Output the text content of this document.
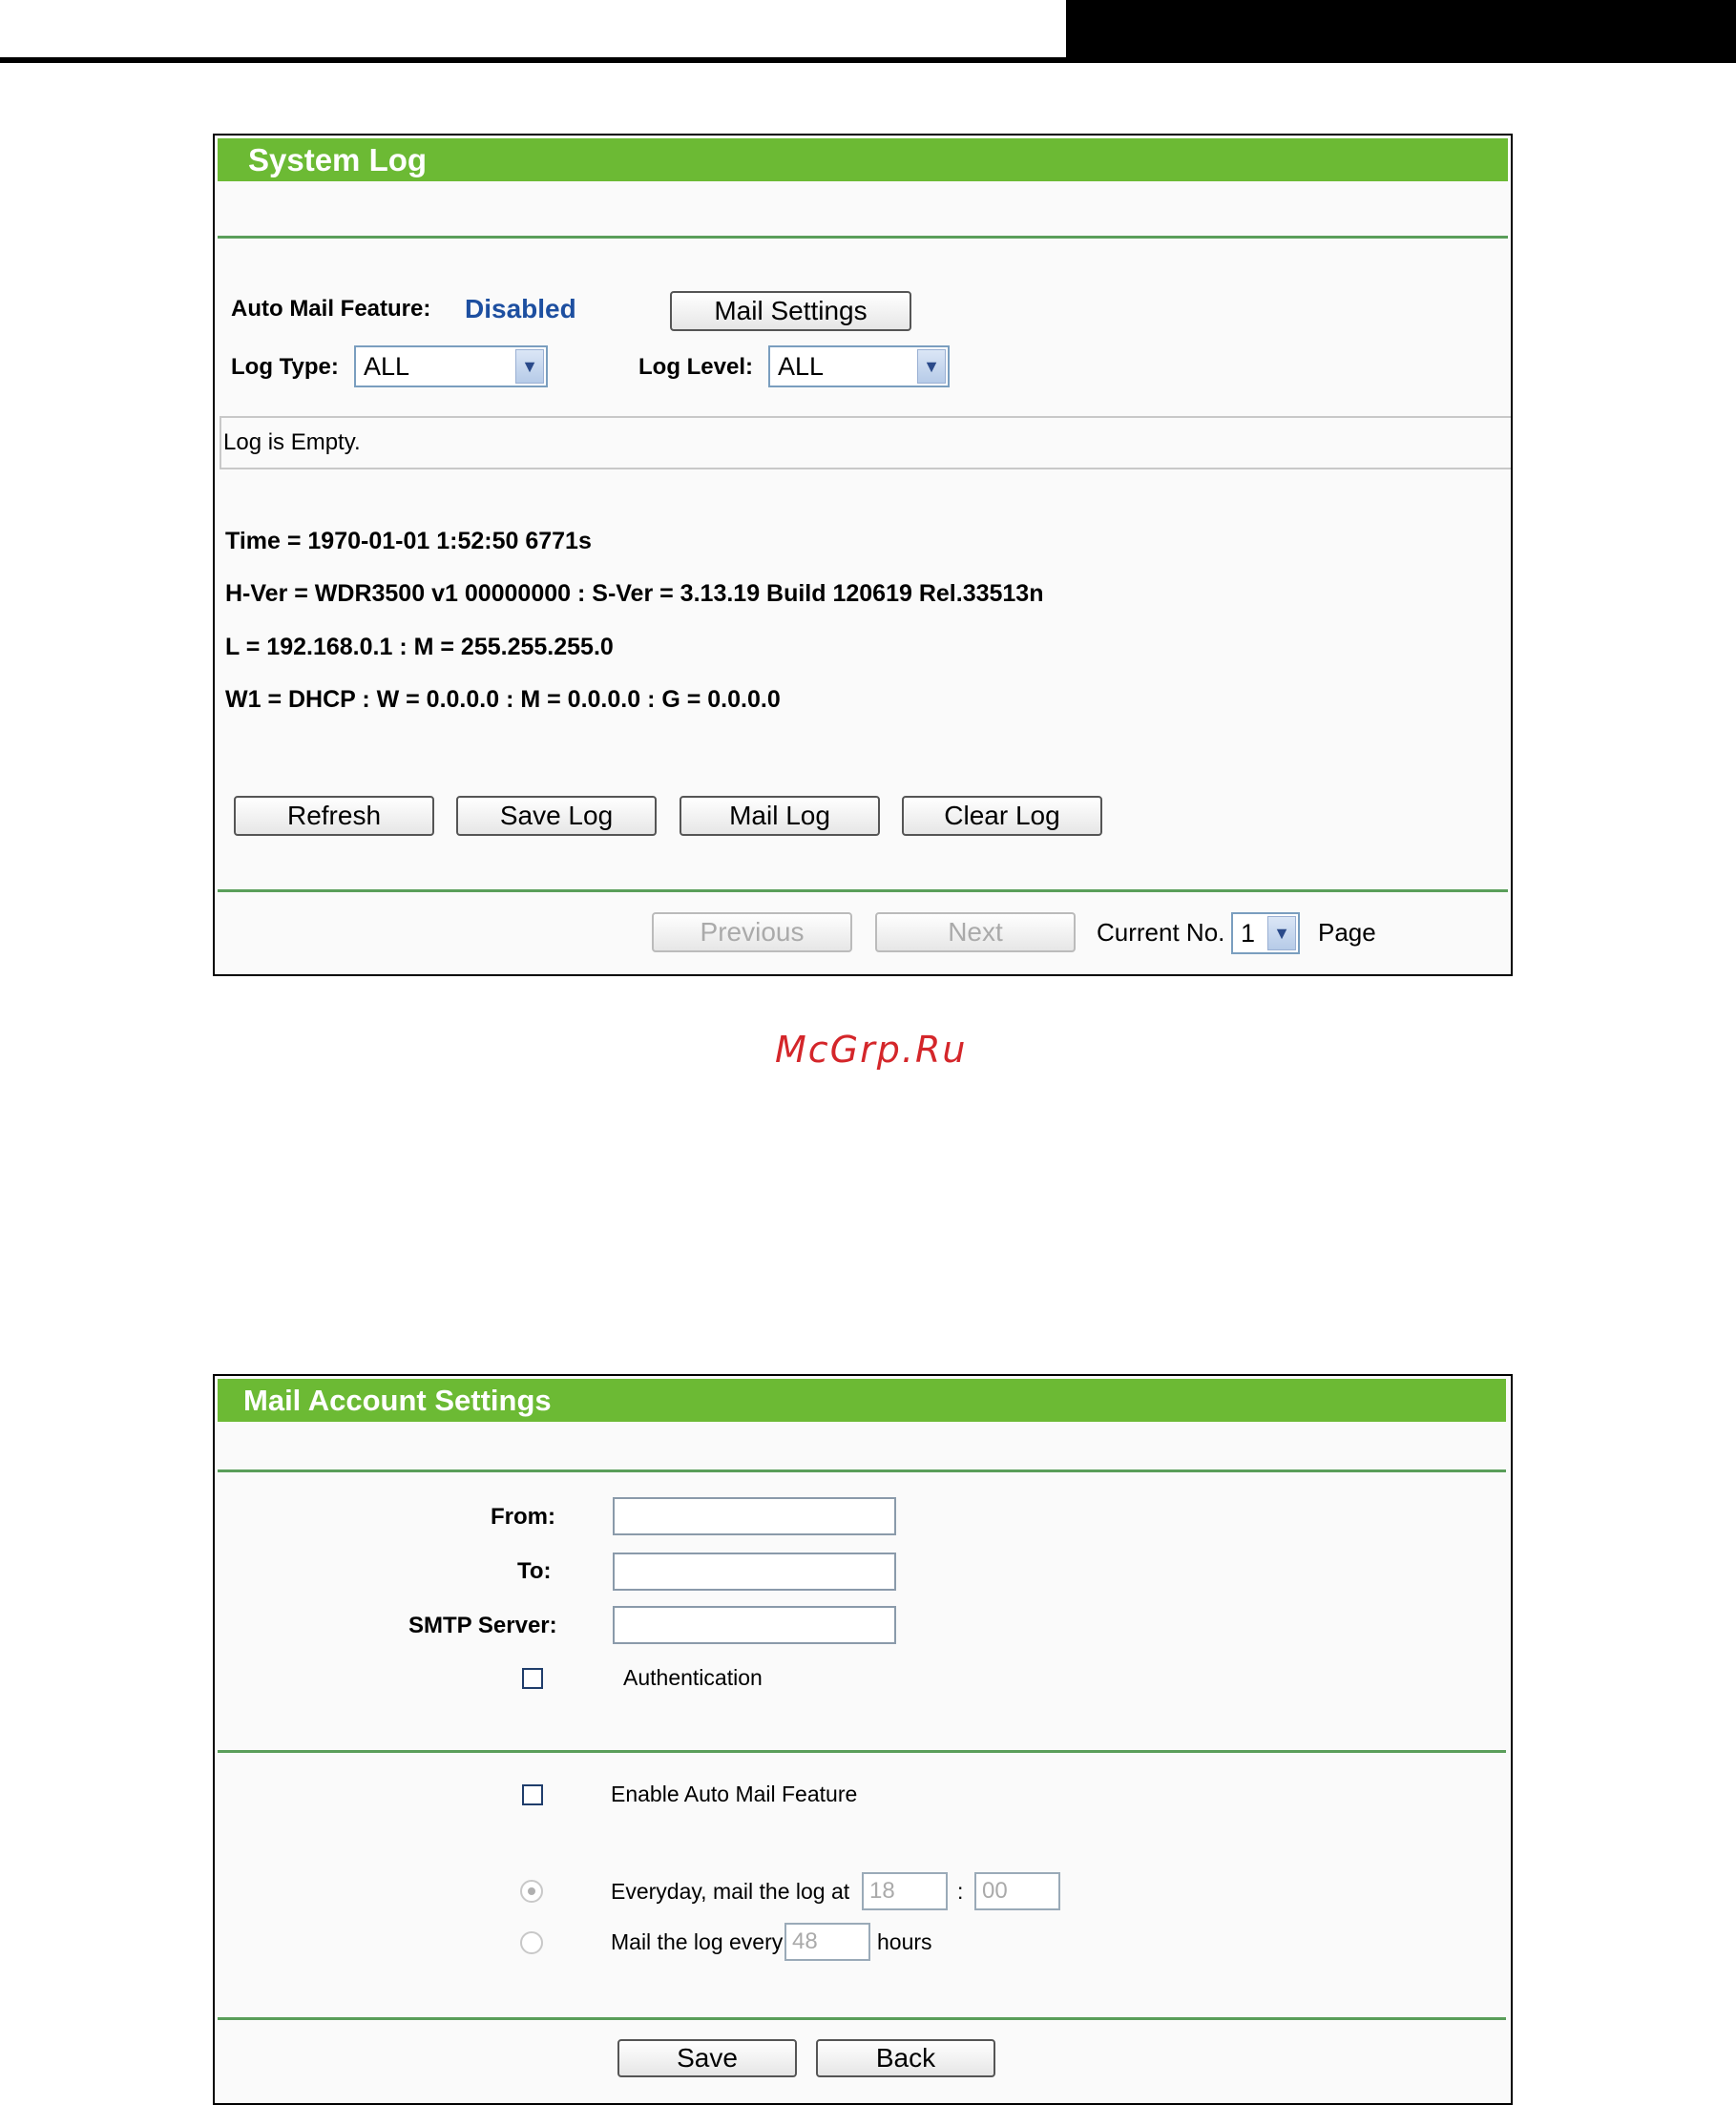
System Log
Auto Mail Feature: Disabled	Mail Settings
Log Type: ALL	▼	Log Level: ALL	▼
Log is Empty.
Time = 1970-01-01 1:52:50 6771s
H-Ver = WDR3500 v1 00000000 : S-Ver = 3.13.19 Build 120619 Rel.33513n
L = 192.168.0.1 : M = 255.255.255.0
W1 = DHCP : W = 0.0.0.0 : M = 0.0.0.0 : G = 0.0.0.0
Refresh	Save Log	Mail Log	Clear Log
Previous	Next	Current No. 1	▼ Page
McGrp.Ru
Mail Account Settings
From:
To:
SMTP Server:
Authentication
Enable Auto Mail Feature
Everyday, mail the log at
18	:
00
Mail the log every
48	hours
Save	Back
